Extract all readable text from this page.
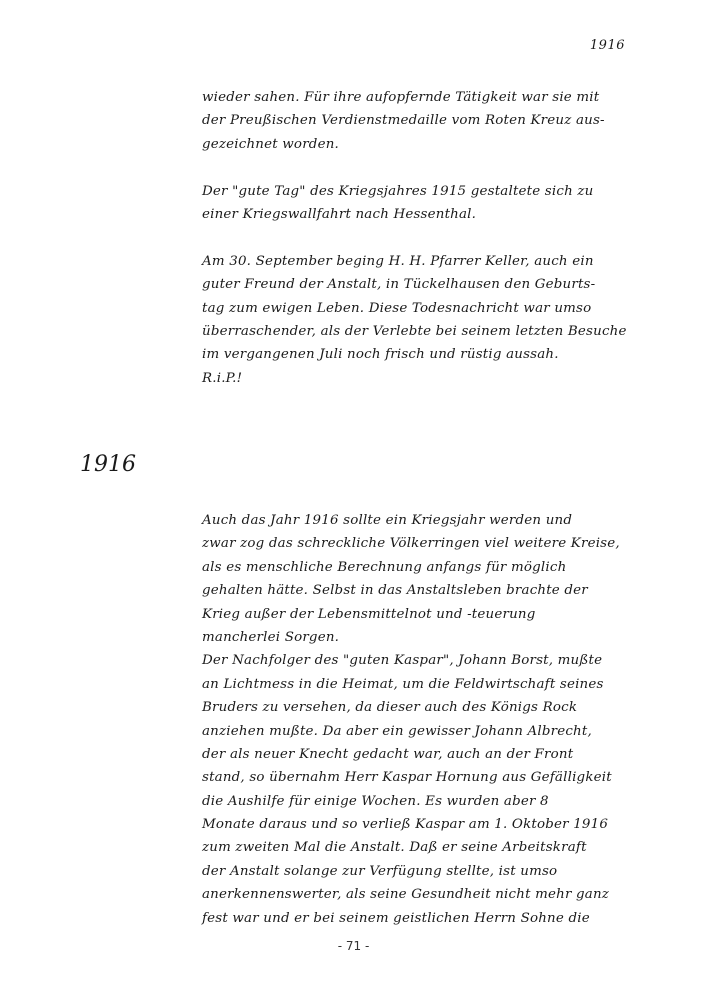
1916
wieder sahen. Für ihre aufopfernde Tätigkeit war sie mit
der Preußischen Verdienstmedaille vom Roten Kreuz aus-
gezeichnet worden.
Der "gute Tag" des Kriegsjahres 1915 gestaltete sich zu
einer Kriegswallfahrt nach Hessenthal.
Am 30. September beging H. H. Pfarrer Keller, auch ein
guter Freund der Anstalt, in Tückelhausen den Geburts-
tag zum ewigen Leben. Diese Todesnachricht war umso
überraschender, als der Verlebte bei seinem letzten Besuche
im vergangenen Juli noch frisch und rüstig aussah.
R.i.P.!
1916
Auch das Jahr 1916 sollte ein Kriegsjahr werden und
zwar zog das schreckliche Völkerringen viel weitere Kreise,
als es menschliche Berechnung anfangs für möglich
gehalten hätte. Selbst in das Anstaltsleben brachte der
Krieg außer der Lebensmittelnot und -teuerung
mancherlei Sorgen.
Der Nachfolger des "guten Kaspar", Johann Borst, mußte
an Lichtmess in die Heimat, um die Feldwirtschaft seines
Bruders zu versehen, da dieser auch des Königs Rock
anziehen mußte. Da aber ein gewisser Johann Albrecht,
der als neuer Knecht gedacht war, auch an der Front
stand, so übernahm Herr Kaspar Hornung aus Gefälligkeit
die Aushilfe für einige Wochen. Es wurden aber 8
Monate daraus und so verließ Kaspar am 1. Oktober 1916
zum zweiten Mal die Anstalt. Daß er seine Arbeitskraft
der Anstalt solange zur Verfügung stellte, ist umso
anerkennenswerter, als seine Gesundheit nicht mehr ganz
fest war und er bei seinem geistlichen Herrn Sohne die
- 71 -
